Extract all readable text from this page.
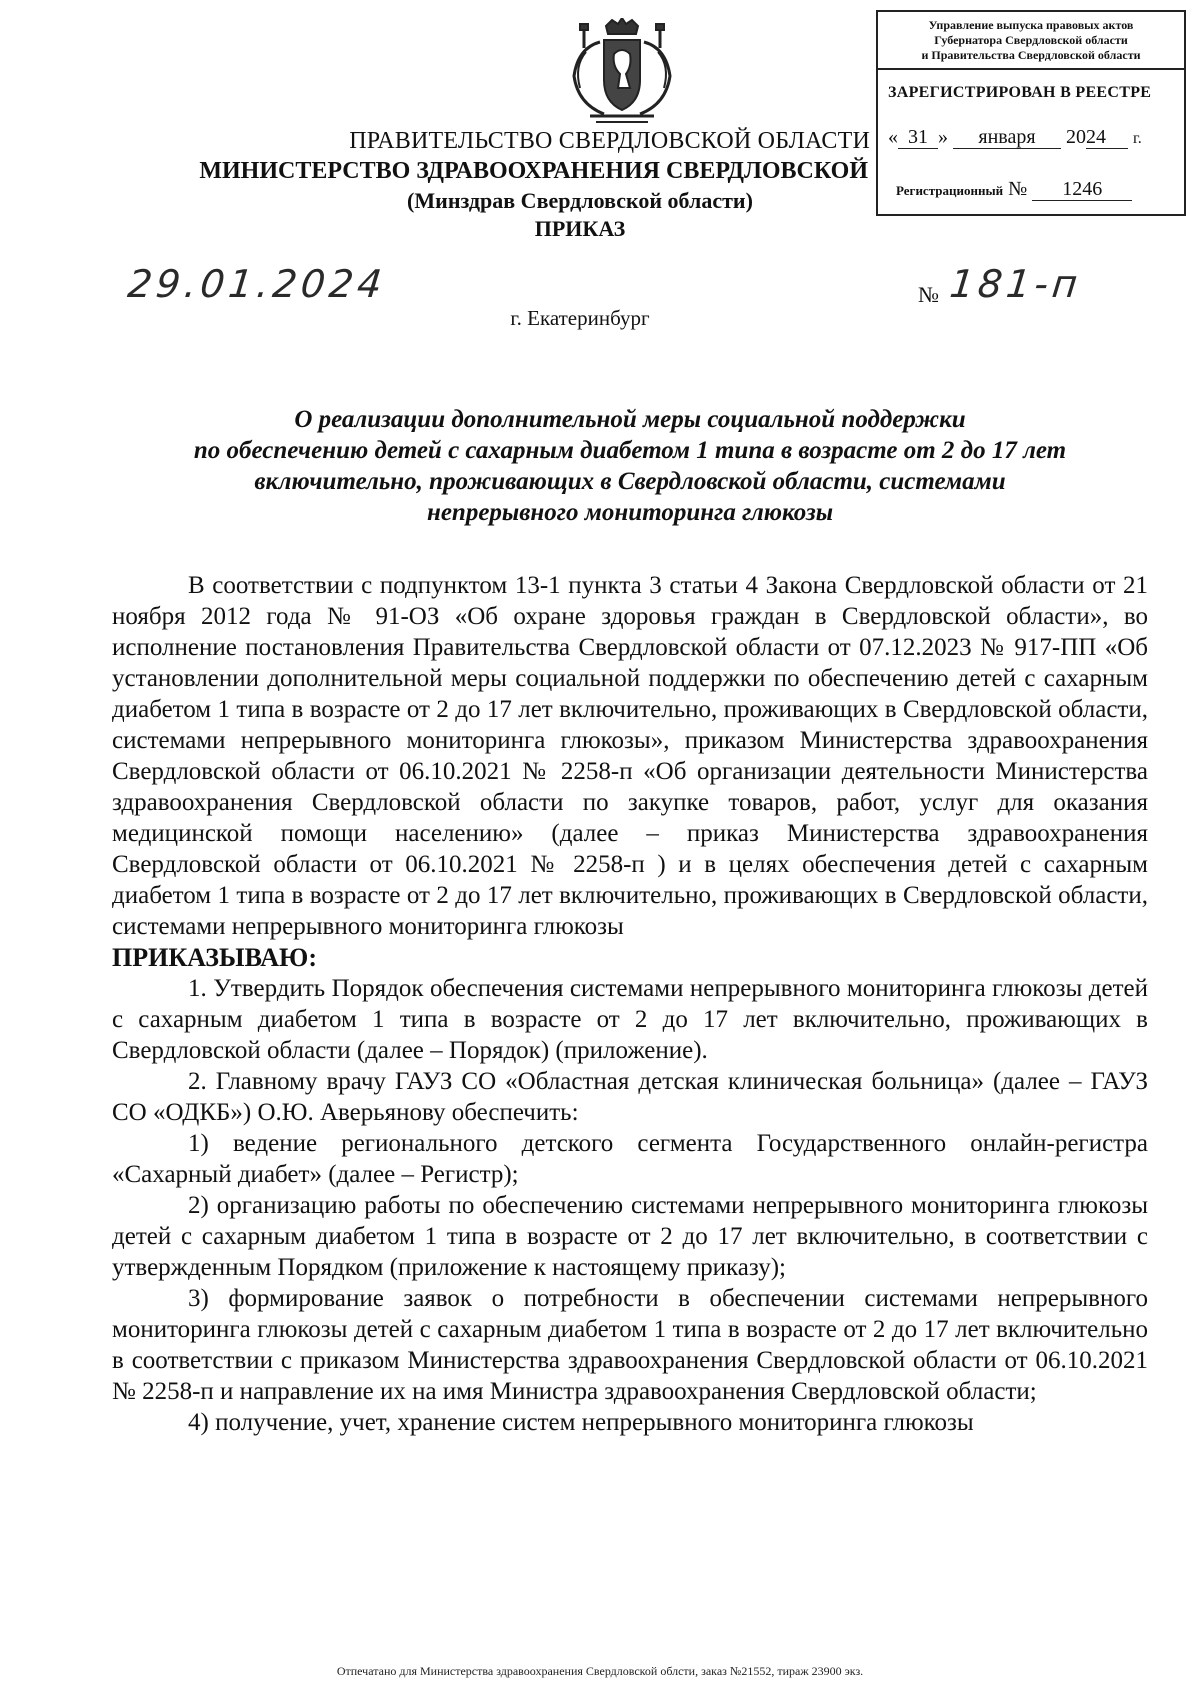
Управление выпуска правовых актов
Губернатора Свердловской области
и Правительства Свердловской области
ЗАРЕГИСТРИРОВАН В РЕЕСТРЕ
« 31 » января 2024 г.
Регистрационный № 1246
ПРАВИТЕЛЬСТВО СВЕРДЛОВСКОЙ ОБЛАСТИ
МИНИСТЕРСТВО ЗДРАВООХРАНЕНИЯ СВЕРДЛОВСКОЙ
(Минздрав Свердловской области)
ПРИКАЗ
29.01.2024	№ 181-п
г. Екатеринбург
О реализации дополнительной меры социальной поддержки
по обеспечению детей с сахарным диабетом 1 типа в возрасте от 2 до 17 лет
включительно, проживающих в Свердловской области, системами
непрерывного мониторинга глюкозы

В соответствии с подпунктом 13-1 пункта 3 статьи 4 Закона Свердловской области от 21 ноября 2012 года № 91-ОЗ «Об охране здоровья граждан в Свердловской области», во исполнение постановления Правительства Свердловской области от 07.12.2023 № 917-ПП «Об установлении дополнительной меры социальной поддержки по обеспечению детей с сахарным диабетом 1 типа в возрасте от 2 до 17 лет включительно, проживающих в Свердловской области, системами непрерывного мониторинга глюкозы», приказом Министерства здравоохранения Свердловской области от 06.10.2021 № 2258-п «Об организации деятельности Министерства здравоохранения Свердловской области по закупке товаров, работ, услуг для оказания медицинской помощи населению» (далее – приказ Министерства здравоохранения Свердловской области от 06.10.2021 № 2258-п ) и в целях обеспечения детей с сахарным диабетом 1 типа в возрасте от 2 до 17 лет включительно, проживающих в Свердловской области, системами непрерывного мониторинга глюкозы

ПРИКАЗЫВАЮ:

1. Утвердить Порядок обеспечения системами непрерывного мониторинга глюкозы детей с сахарным диабетом 1 типа в возрасте от 2 до 17 лет включительно, проживающих в Свердловской области (далее – Порядок) (приложение).

2. Главному врачу ГАУЗ СО «Областная детская клиническая больница» (далее – ГАУЗ СО «ОДКБ») О.Ю. Аверьянову обеспечить:

1) ведение регионального детского сегмента Государственного онлайн-регистра «Сахарный диабет» (далее – Регистр);

2) организацию работы по обеспечению системами непрерывного мониторинга глюкозы детей с сахарным диабетом 1 типа в возрасте от 2 до 17 лет включительно, в соответствии с утвержденным Порядком (приложение к настоящему приказу);

3) формирование заявок о потребности в обеспечении системами непрерывного мониторинга глюкозы детей с сахарным диабетом 1 типа в возрасте от 2 до 17 лет включительно в соответствии с приказом Министерства здравоохранения Свердловской области от 06.10.2021 № 2258-п и направление их на имя Министра здравоохранения Свердловской области;

4) получение, учет, хранение систем непрерывного мониторинга глюкозы

Отпечатано для Министерства здравоохранения Свердловской облсти, заказ №21552, тираж 23900 экз.
